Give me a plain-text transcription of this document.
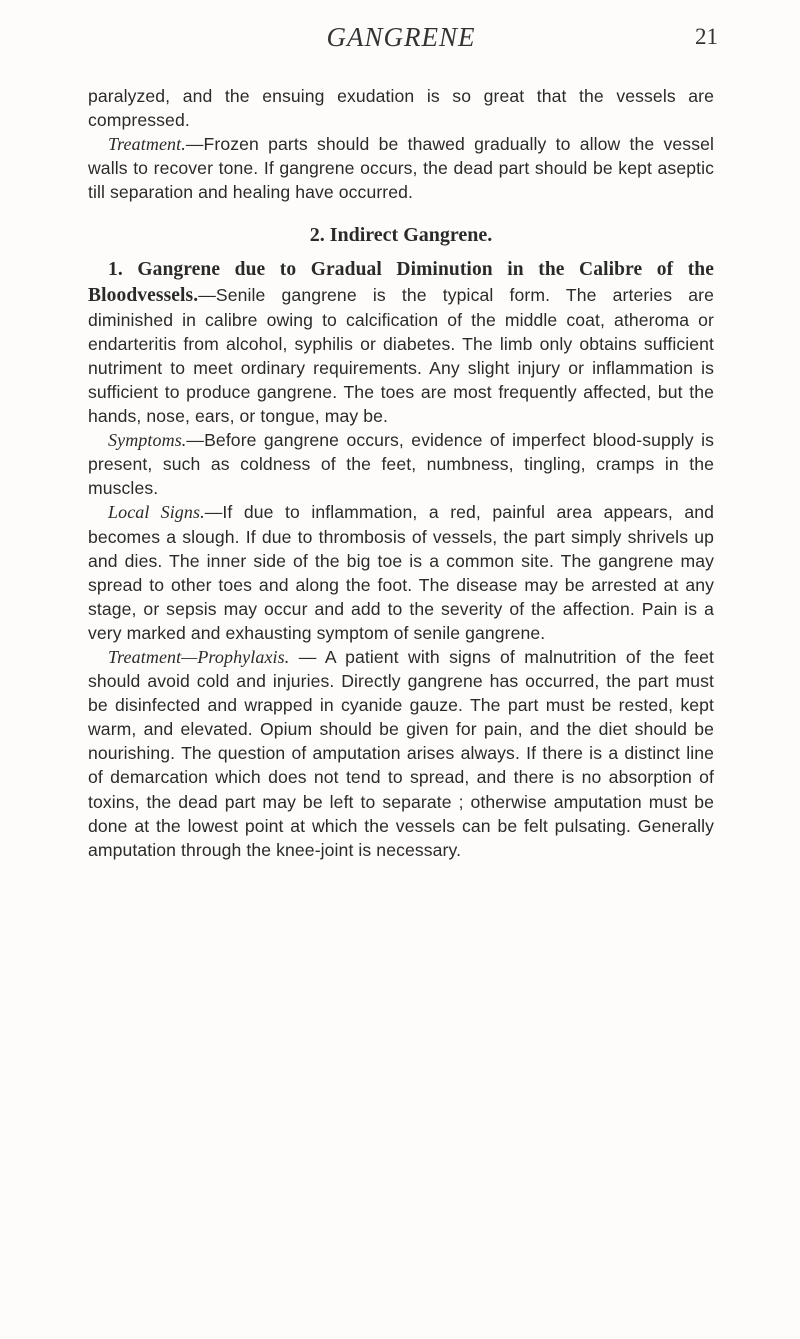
GANGRENE	21

paralyzed, and the ensuing exudation is so great that the vessels are compressed.

Treatment.—Frozen parts should be thawed gradually to allow the vessel walls to recover tone. If gangrene occurs, the dead part should be kept aseptic till separation and healing have occurred.

2. Indirect Gangrene.

1. Gangrene due to Gradual Diminution in the Calibre of the Bloodvessels.—Senile gangrene is the typical form. The arteries are diminished in calibre owing to calcification of the middle coat, atheroma or endarteritis from alcohol, syphilis or diabetes. The limb only obtains sufficient nutriment to meet ordinary requirements. Any slight injury or inflammation is sufficient to produce gangrene. The toes are most frequently affected, but the hands, nose, ears, or tongue, may be.

Symptoms.—Before gangrene occurs, evidence of imperfect blood-supply is present, such as coldness of the feet, numbness, tingling, cramps in the muscles.

Local Signs.—If due to inflammation, a red, painful area appears, and becomes a slough. If due to thrombosis of vessels, the part simply shrivels up and dies. The inner side of the big toe is a common site. The gangrene may spread to other toes and along the foot. The disease may be arrested at any stage, or sepsis may occur and add to the severity of the affection. Pain is a very marked and exhausting symptom of senile gangrene.

Treatment—Prophylaxis. — A patient with signs of malnutrition of the feet should avoid cold and injuries. Directly gangrene has occurred, the part must be disinfected and wrapped in cyanide gauze. The part must be rested, kept warm, and elevated. Opium should be given for pain, and the diet should be nourishing. The question of amputation arises always. If there is a distinct line of demarcation which does not tend to spread, and there is no absorption of toxins, the dead part may be left to separate ; otherwise amputation must be done at the lowest point at which the vessels can be felt pulsating. Generally amputation through the knee-joint is necessary.
